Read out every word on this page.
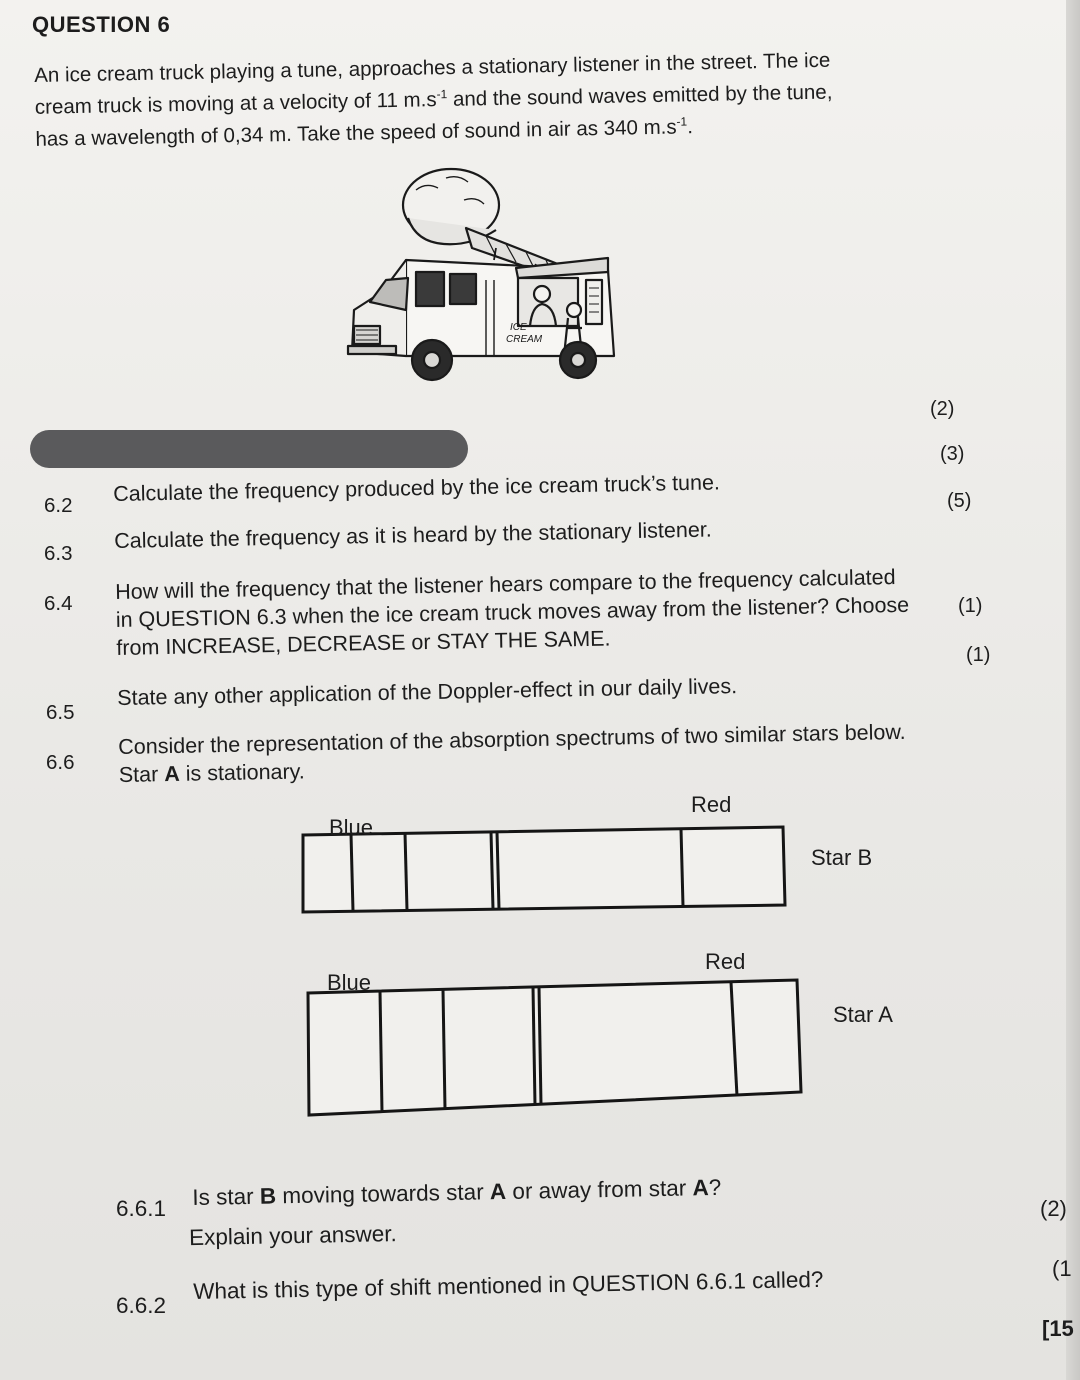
QUESTION 6
An ice cream truck playing a tune, approaches a stationary listener in the street. The ice
cream truck is moving at a velocity of 11 $m.s^{-1}$ and the sound waves emitted by the tune,
has a wavelength of 0,34 m. Take the speed of sound in air as 340 $m.s^{-1}$.
ICE
CREAM
(2)
(3)
6.2 Calculate the frequency produced by the ice cream truck’s tune.	(5)
6.3
Calculate the frequency as it is heard by the stationary listener.
6.4 How will the frequency that the listener hears compare to the frequency calculated
in QUESTION 6.3 when the ice cream truck moves away from the listener? Choose
from INCREASE, DECREASE or STAY THE SAME.
(1)
(1)
6.5
State any other application of the Doppler-effect in our daily lives.
6.6
Consider the representation of the absorption spectrums of two similar stars below.
Star A is stationary.
Blue
Red
Star B
Blue
Red
Star A
6.6.1 Is star B moving towards star A or away from star A?
Explain your answer.
(2)
6.6.2
What is this type of shift mentioned in QUESTION 6.6.1 called?	(1
[15
